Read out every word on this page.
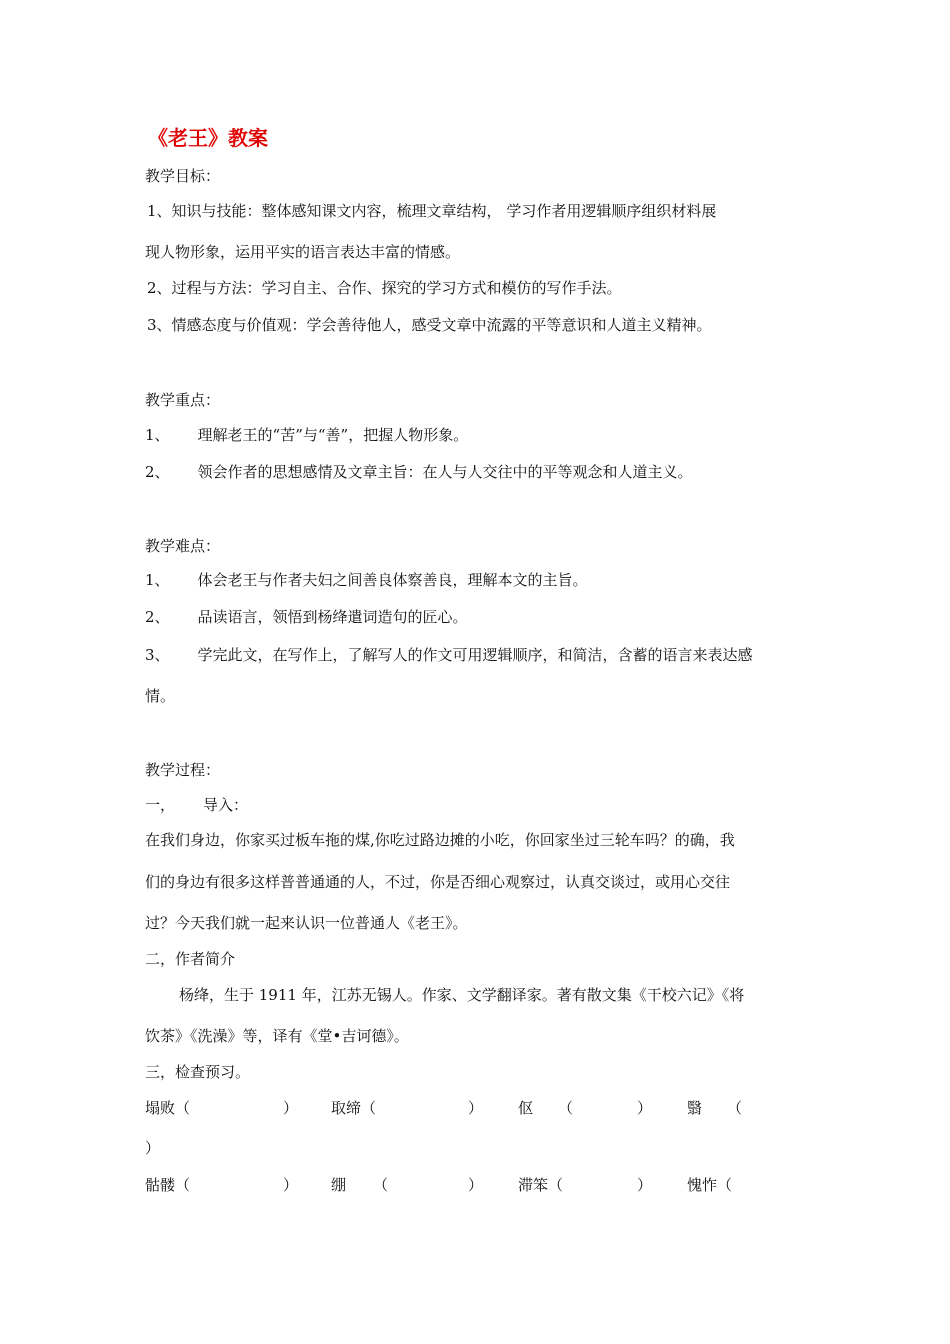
《老王》教案
教学目标：
1、知识与技能：整体感知课文内容，梳理文章结构， 学习作者用逻辑顺序组织材料展
现人物形象，运用平实的语言表达丰富的情感。
2、过程与方法：学习自主、合作、探究的学习方式和模仿的写作手法。
3、情感态度与价值观：学会善待他人，感受文章中流露的平等意识和人道主义精神。
教学重点：
1、 理解老王的“苦”与“善”，把握人物形象。
2、 领会作者的思想感情及文章主旨：在人与人交往中的平等观念和人道主义。
教学难点：
1、 体会老王与作者夫妇之间善良体察善良，理解本文的主旨。
2、 品读语言，领悟到杨绛遣词造句的匠心。
3、 学完此文，在写作上，了解写人的作文可用逻辑顺序，和简洁，含蓄的语言来表达感
情。
教学过程：
一， 导入：
在我们身边，你家买过板车拖的煤,你吃过路边摊的小吃，你回家坐过三轮车吗？的确，我
们的身边有很多这样普普通通的人，不过，你是否细心观察过，认真交谈过，或用心交往
过？今天我们就一起来认识一位普通人《老王》。
二，作者简介
杨绛，生于 1911 年，江苏无锡人。作家、文学翻译家。著有散文集《干校六记》《将
饮茶》《洗澡》等，译有《堂•吉诃德》。
三，检查预习。
塌败（	） 取缔（	） 伛 （	） 翳 （
）
骷髅（	） 绷 （	） 滞笨（	） 愧怍（
